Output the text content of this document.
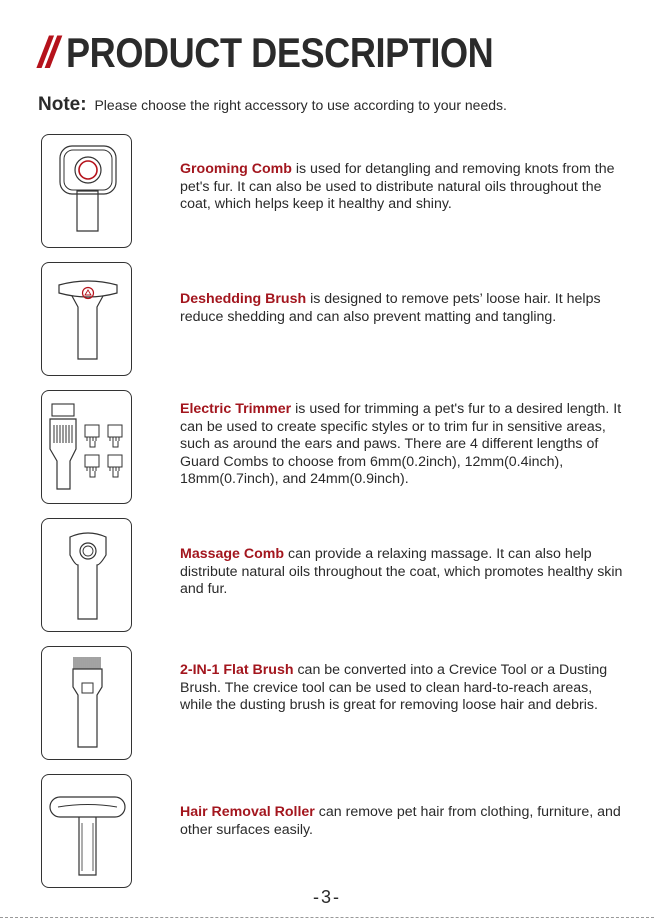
// PRODUCT DESCRIPTION
Note: Please choose the right accessory to use according to your needs.
Grooming Comb is used for detangling and removing knots from the pet's fur. It can also be used to distribute natural oils throughout the coat, which helps keep it healthy and shiny.
Deshedding Brush is designed to remove pets’ loose hair. It helps reduce shedding and can also prevent matting and tangling.
Electric Trimmer is used for trimming a pet's fur to a desired length. It can be used to create specific styles or to trim fur in sensitive areas, such as around the ears and paws. There are 4 different lengths of Guard Combs to choose from 6mm(0.2inch), 12mm(0.4inch), 18mm(0.7inch), and 24mm(0.9inch).
Massage Comb can provide a relaxing massage. It can also help distribute natural oils throughout the coat, which promotes healthy skin and fur.
2-IN-1 Flat Brush can be converted into a Crevice Tool or a Dusting Brush. The crevice tool can be used to clean hard-to-reach areas, while the dusting brush is great for removing loose hair and debris.
Hair Removal Roller can remove pet hair from clothing, furniture, and other surfaces easily.
-3-
